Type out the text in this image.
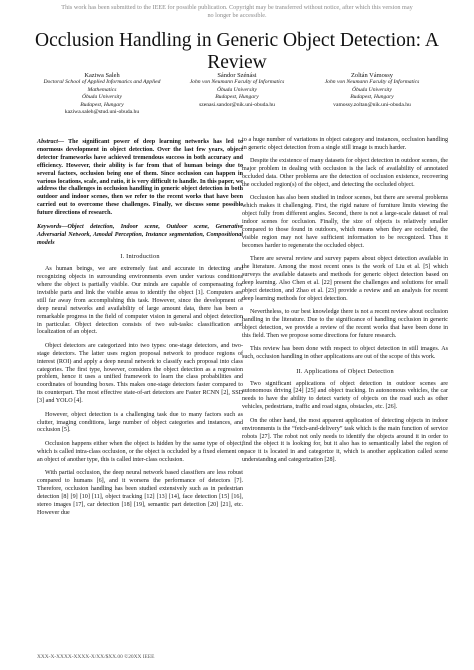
This work has been submitted to the IEEE for possible publication. Copyright may be transferred without notice, after which this version may no longer be accessible.
Occlusion Handling in Generic Object Detection: A Review
Kaziwa Saleh
Doctoral School of Applied Informatics and Applied Mathematics
Óbuda University
Budapest, Hungary
kaziwa.saleh@stud.uni-obuda.hu
Sándor Szénási
John von Neumann Faculty of Informatics
Óbuda University
Budapest, Hungary
szenasi.sandor@nik.uni-obuda.hu
Zoltán Vámossy
John von Neumann Faculty of Informatics
Óbuda University
Budapest, Hungary
vamossy.zoltan@nik.uni-obuda.hu

Abstract— The significant power of deep learning networks has led to enormous development in object detection. Over the last few years, object detector frameworks have achieved tremendous success in both accuracy and efficiency. However, their ability is far from that of human beings due to several factors, occlusion being one of them. Since occlusion can happen in various locations, scale, and ratio, it is very difficult to handle. In this paper, we address the challenges in occlusion handling in generic object detection in both outdoor and indoor scenes, then we refer to the recent works that have been carried out to overcome these challenges. Finally, we discuss some possible future directions of research.

Keywords—Object detection, Indoor scene, Outdoor scene, Generative Adversarial Network, Amodal Perception, Instance segmentation, Compositional models

I. Introduction

As human beings, we are extremely fast and accurate in detecting and recognizing objects in surrounding environments even under various conditions where the object is partially visible. Our minds are capable of compensating for invisible parts and link the visible areas to identify the object [1]. Computers are still far away from accomplishing this task. However, since the development of deep neural networks and availability of large amount data, there has been a remarkable progress in the field of computer vision in general and object detection in particular. Object detection consists of two sub-tasks: classification and localization of an object.

Object detectors are categorized into two types: one-stage detectors, and two-stage detectors. The latter uses region proposal network to produce regions of interest (ROI) and apply a deep neural network to classify each proposal into class categories. The first type, however, considers the object detection as a regression problem, hence it uses a unified framework to learn the class probabilities and coordinates of bounding boxes. This makes one-stage detectors faster compared to its counterpart. The most effective state-of-art detectors are Faster RCNN [2], SSD [3] and YOLO [4].

However, object detection is a challenging task due to many factors such as clutter, imaging conditions, large number of object categories and instances, and occlusion [5].

Occlusion happens either when the object is hidden by the same type of object, which is called intra-class occlusion, or the object is occluded by a fixed element or an object of another type, this is called inter-class occlusion.

With partial occlusion, the deep neural network based classifiers are less robust compared to humans [6], and it worsens the performance of detectors [7]. Therefore, occlusion handling has been studied extensively such as in pedestrian detection [8] [9] [10] [11], object tracking [12] [13] [14], face detection [15] [16], stereo images [17], car detection [18] [19], semantic part detection [20] [21], etc. However due

to a huge number of variations in object category and instances, occlusion handling in generic object detection from a single still image is much harder.

Despite the existence of many datasets for object detection in outdoor scenes, the major problem in dealing with occlusion is the lack of availability of annotated occluded data. Other problems are the detection of occlusion existence, recovering the occluded region(s) of the object, and detecting the occluded object.

Occlusion has also been studied in indoor scenes, but there are several problems which makes it challenging. First, the rigid nature of furniture limits viewing the object fully from different angles. Second, there is not a large-scale dataset of real indoor scenes for occlusion. Finally, the size of objects is relatively smaller compared to those found in outdoors, which means when they are occluded, the visible region may not have sufficient information to be recognized. Thus it becomes harder to regenerate the occluded object.

There are several review and survey papers about object detection available in the literature. Among the most recent ones is the work of Liu et al. [5] which surveys the available datasets and methods for generic object detection based on deep learning. Also Chen et al. [22] present the challenges and solutions for small object detection, and Zhao et al. [23] provide a review and an analysis for recent deep learning methods for object detection.

Nevertheless, to our best knowledge there is not a recent review about occlusion handling in the literature. Due to the significance of handling occlusion in generic object detection, we provide a review of the recent works that have been done in this field. Then we propose some directions for future research.

This review has been done with respect to object detection in still images. As such, occlusion handling in other applications are out of the scope of this work.

II. Applications of Object Detection

Two significant applications of object detection in outdoor scenes are autonomous driving [24] [25] and object tracking. In autonomous vehicles, the car needs to have the ability to detect variety of objects on the road such as other vehicles, pedestrians, traffic and road signs, obstacles, etc. [26].

On the other hand, the most apparent application of detecting objects in indoor environments is the “fetch-and-delivery” task which is the main function of service robots [27]. The robot not only needs to identify the objects around it in order to find the object it is looking for, but it also has to semantically label the region of space it is located in and categorize it, which is another application called scene understanding and categorization [28].

XXX-X-XXXX-XXXX-X/XX/$XX.00 ©20XX IEEE
